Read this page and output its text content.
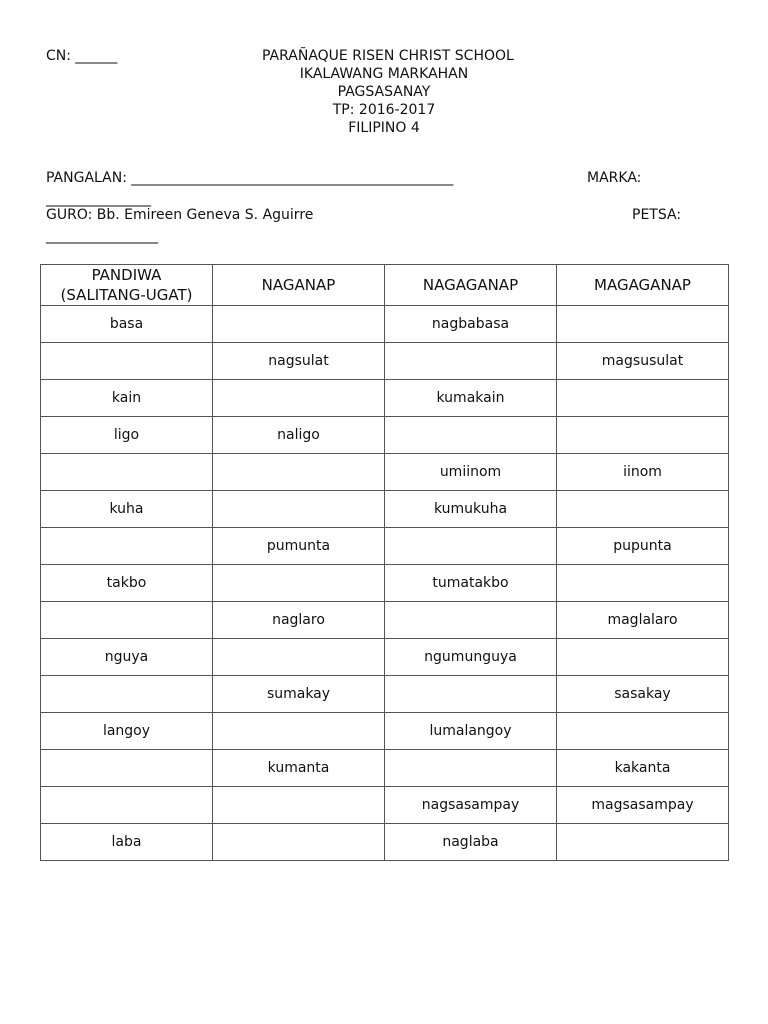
CN: ______	PARAÑAQUE RISEN CHRIST SCHOOL
IKALAWANG MARKAHAN
PAGSASANAY
TP: 2016-2017
FILIPINO 4
PANGALAN: ______________________________________________	MARKA:
_______________
GURO: Bb. Emireen Geneva S. Aguirre	PETSA:
________________
PANDIWA
(SALITANG-UGAT)	NAGANAP	NAGAGANAP	MAGAGANAP
basa		nagbabasa	
	nagsulat		magsusulat
kain		kumakain	
ligo	naligo		
		umiinom	iinom
kuha		kumukuha	
	pumunta		pupunta
takbo		tumatakbo	
	naglaro		maglalaro
nguya		ngumunguya	
	sumakay		sasakay
langoy		lumalangoy	
	kumanta		kakanta
		nagsasampay	magsasampay
laba		naglaba	
